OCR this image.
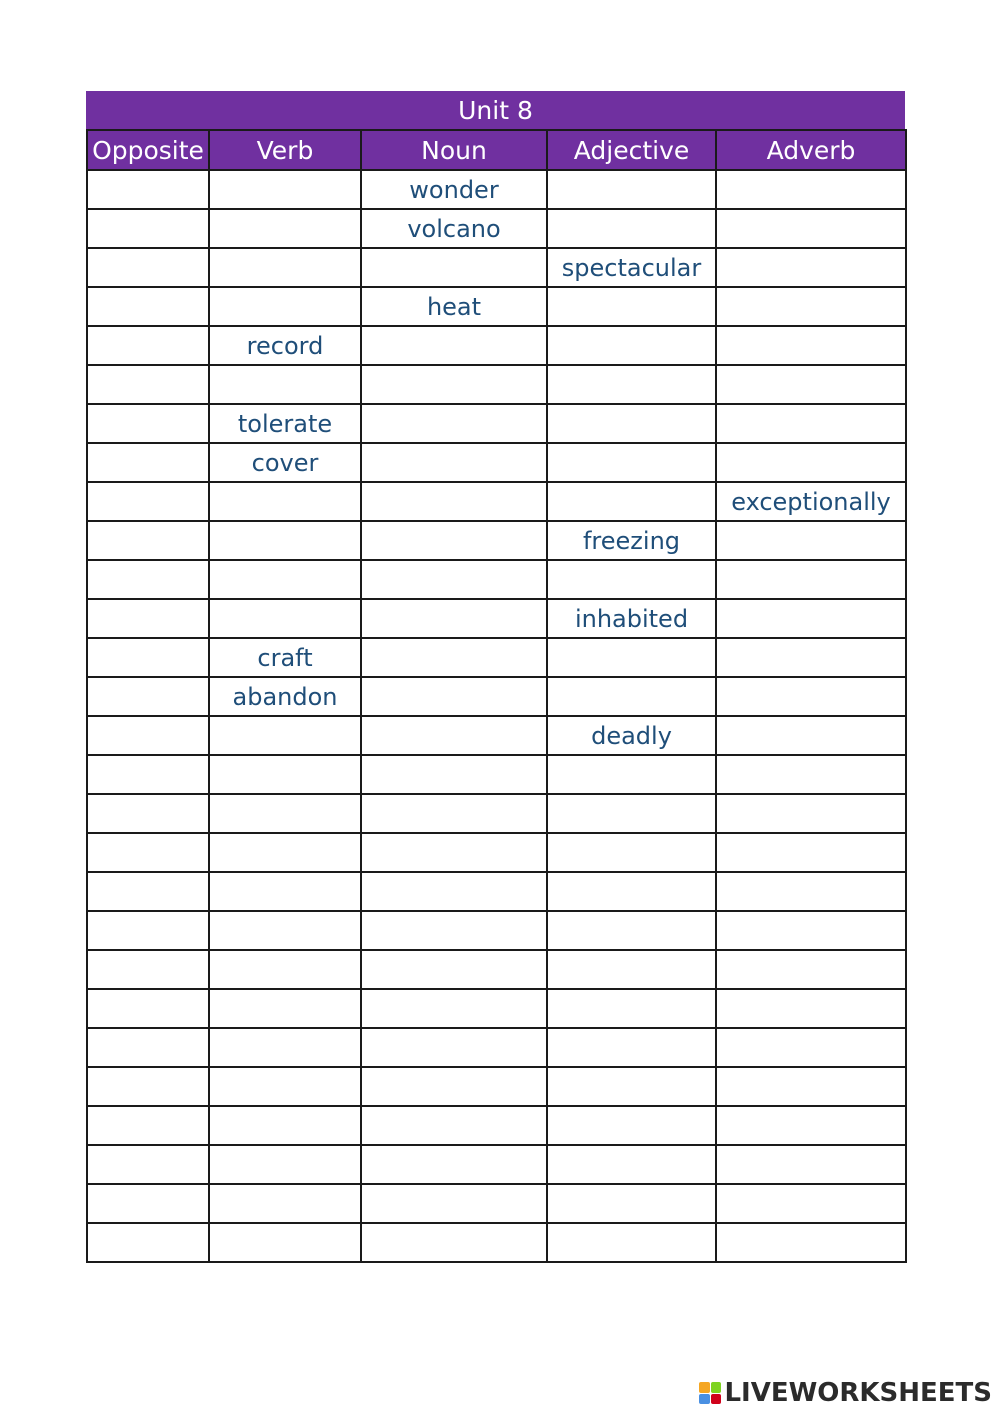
Unit 8
Opposite	Verb	Noun	Adjective	Adverb
		wonder		
		volcano		
			spectacular	
		heat		
	record			

	tolerate			
	cover			
				exceptionally
			freezing	

			inhabited	
	craft			
	abandon			
			deadly	

LIVEWORKSHEETS
